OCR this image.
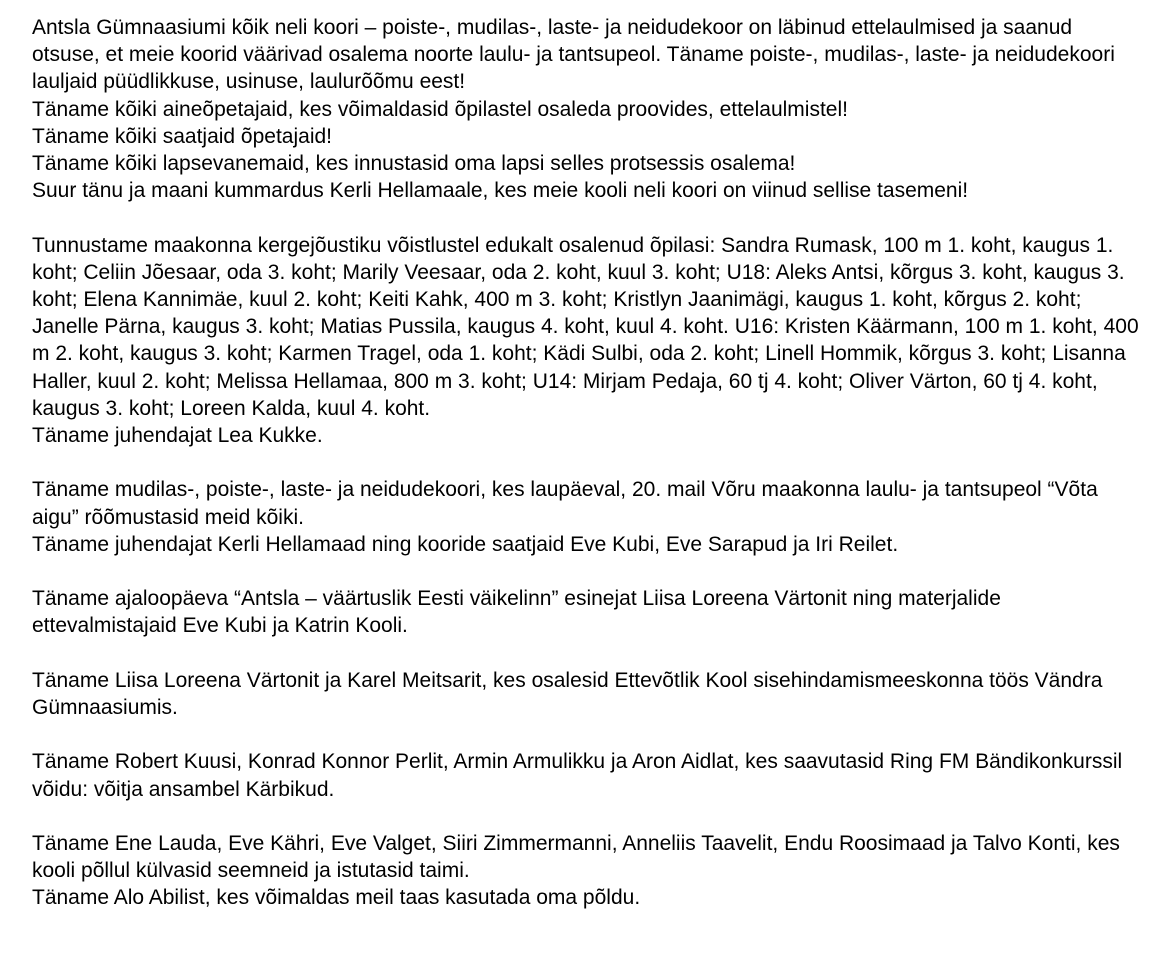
Antsla Gümnaasiumi kõik neli koori – poiste-, mudilas-, laste- ja neidudekoor on läbinud ettelaulmised ja saanud otsuse, et meie koorid väärivad osalema noorte laulu- ja tantsupeol. Täname poiste-, mudilas-, laste- ja neidudekoori lauljaid püüdlikkuse, usinuse, laulurõõmu eest!
Täname kõiki aineõpetajaid, kes võimaldasid õpilastel osaleda proovides, ettelaulmistel!
Täname kõiki saatjaid õpetajaid!
Täname kõiki lapsevanemaid, kes innustasid oma lapsi selles protsessis osalema!
Suur tänu ja maani kummardus Kerli Hellamaale, kes meie kooli neli koori on viinud sellise tasemeni!
Tunnustame maakonna kergejõustiku võistlustel edukalt osalenud õpilasi: Sandra Rumask, 100 m 1. koht, kaugus 1. koht; Celiin Jõesaar, oda 3. koht; Marily Veesaar, oda 2. koht, kuul 3. koht; U18: Aleks Antsi, kõrgus 3. koht, kaugus 3. koht; Elena Kannimäe, kuul 2. koht; Keiti Kahk, 400 m 3. koht; Kristlyn Jaanimägi, kaugus 1. koht, kõrgus 2. koht; Janelle Pärna, kaugus 3. koht; Matias Pussila, kaugus 4. koht, kuul 4. koht. U16: Kristen Käärmann, 100 m 1. koht, 400 m 2. koht, kaugus 3. koht; Karmen Tragel, oda 1. koht; Kädi Sulbi, oda 2. koht; Linell Hommik, kõrgus 3. koht; Lisanna Haller, kuul 2. koht; Melissa Hellamaa, 800 m 3. koht; U14: Mirjam Pedaja, 60 tj 4. koht; Oliver Värton, 60 tj 4. koht, kaugus 3. koht; Loreen Kalda, kuul 4. koht.
Täname juhendajat Lea Kukke.
Täname mudilas-, poiste-, laste- ja neidudekoori, kes laupäeval, 20. mail Võru maakonna laulu- ja tantsupeol “Võta aigu” rõõmustasid meid kõiki.
Täname juhendajat Kerli Hellamaad ning kooride saatjaid Eve Kubi, Eve Sarapud ja Iri Reilet.
Täname ajaloopäeva “Antsla – väärtuslik Eesti väikelinn” esinejat Liisa Loreena Värtonit ning materjalide ettevalmistajaid Eve Kubi ja Katrin Kooli.
Täname Liisa Loreena Värtonit ja Karel Meitsarit, kes osalesid Ettevõtlik Kool sisehindamismeeskonna töös Vändra Gümnaasiumis.
Täname Robert Kuusi, Konrad Konnor Perlit, Armin Armulikku ja Aron Aidlat, kes saavutasid Ring FM Bändikonkurssil võidu: võitja ansambel Kärbikud.
Täname Ene Lauda, Eve Kähri, Eve Valget, Siiri Zimmermanni, Anneliis Taavelit, Endu Roosimaad ja Talvo Konti, kes kooli põllul külvasid seemneid ja istutasid taimi.
Täname Alo Abilist, kes võimaldas meil taas kasutada oma põldu.
